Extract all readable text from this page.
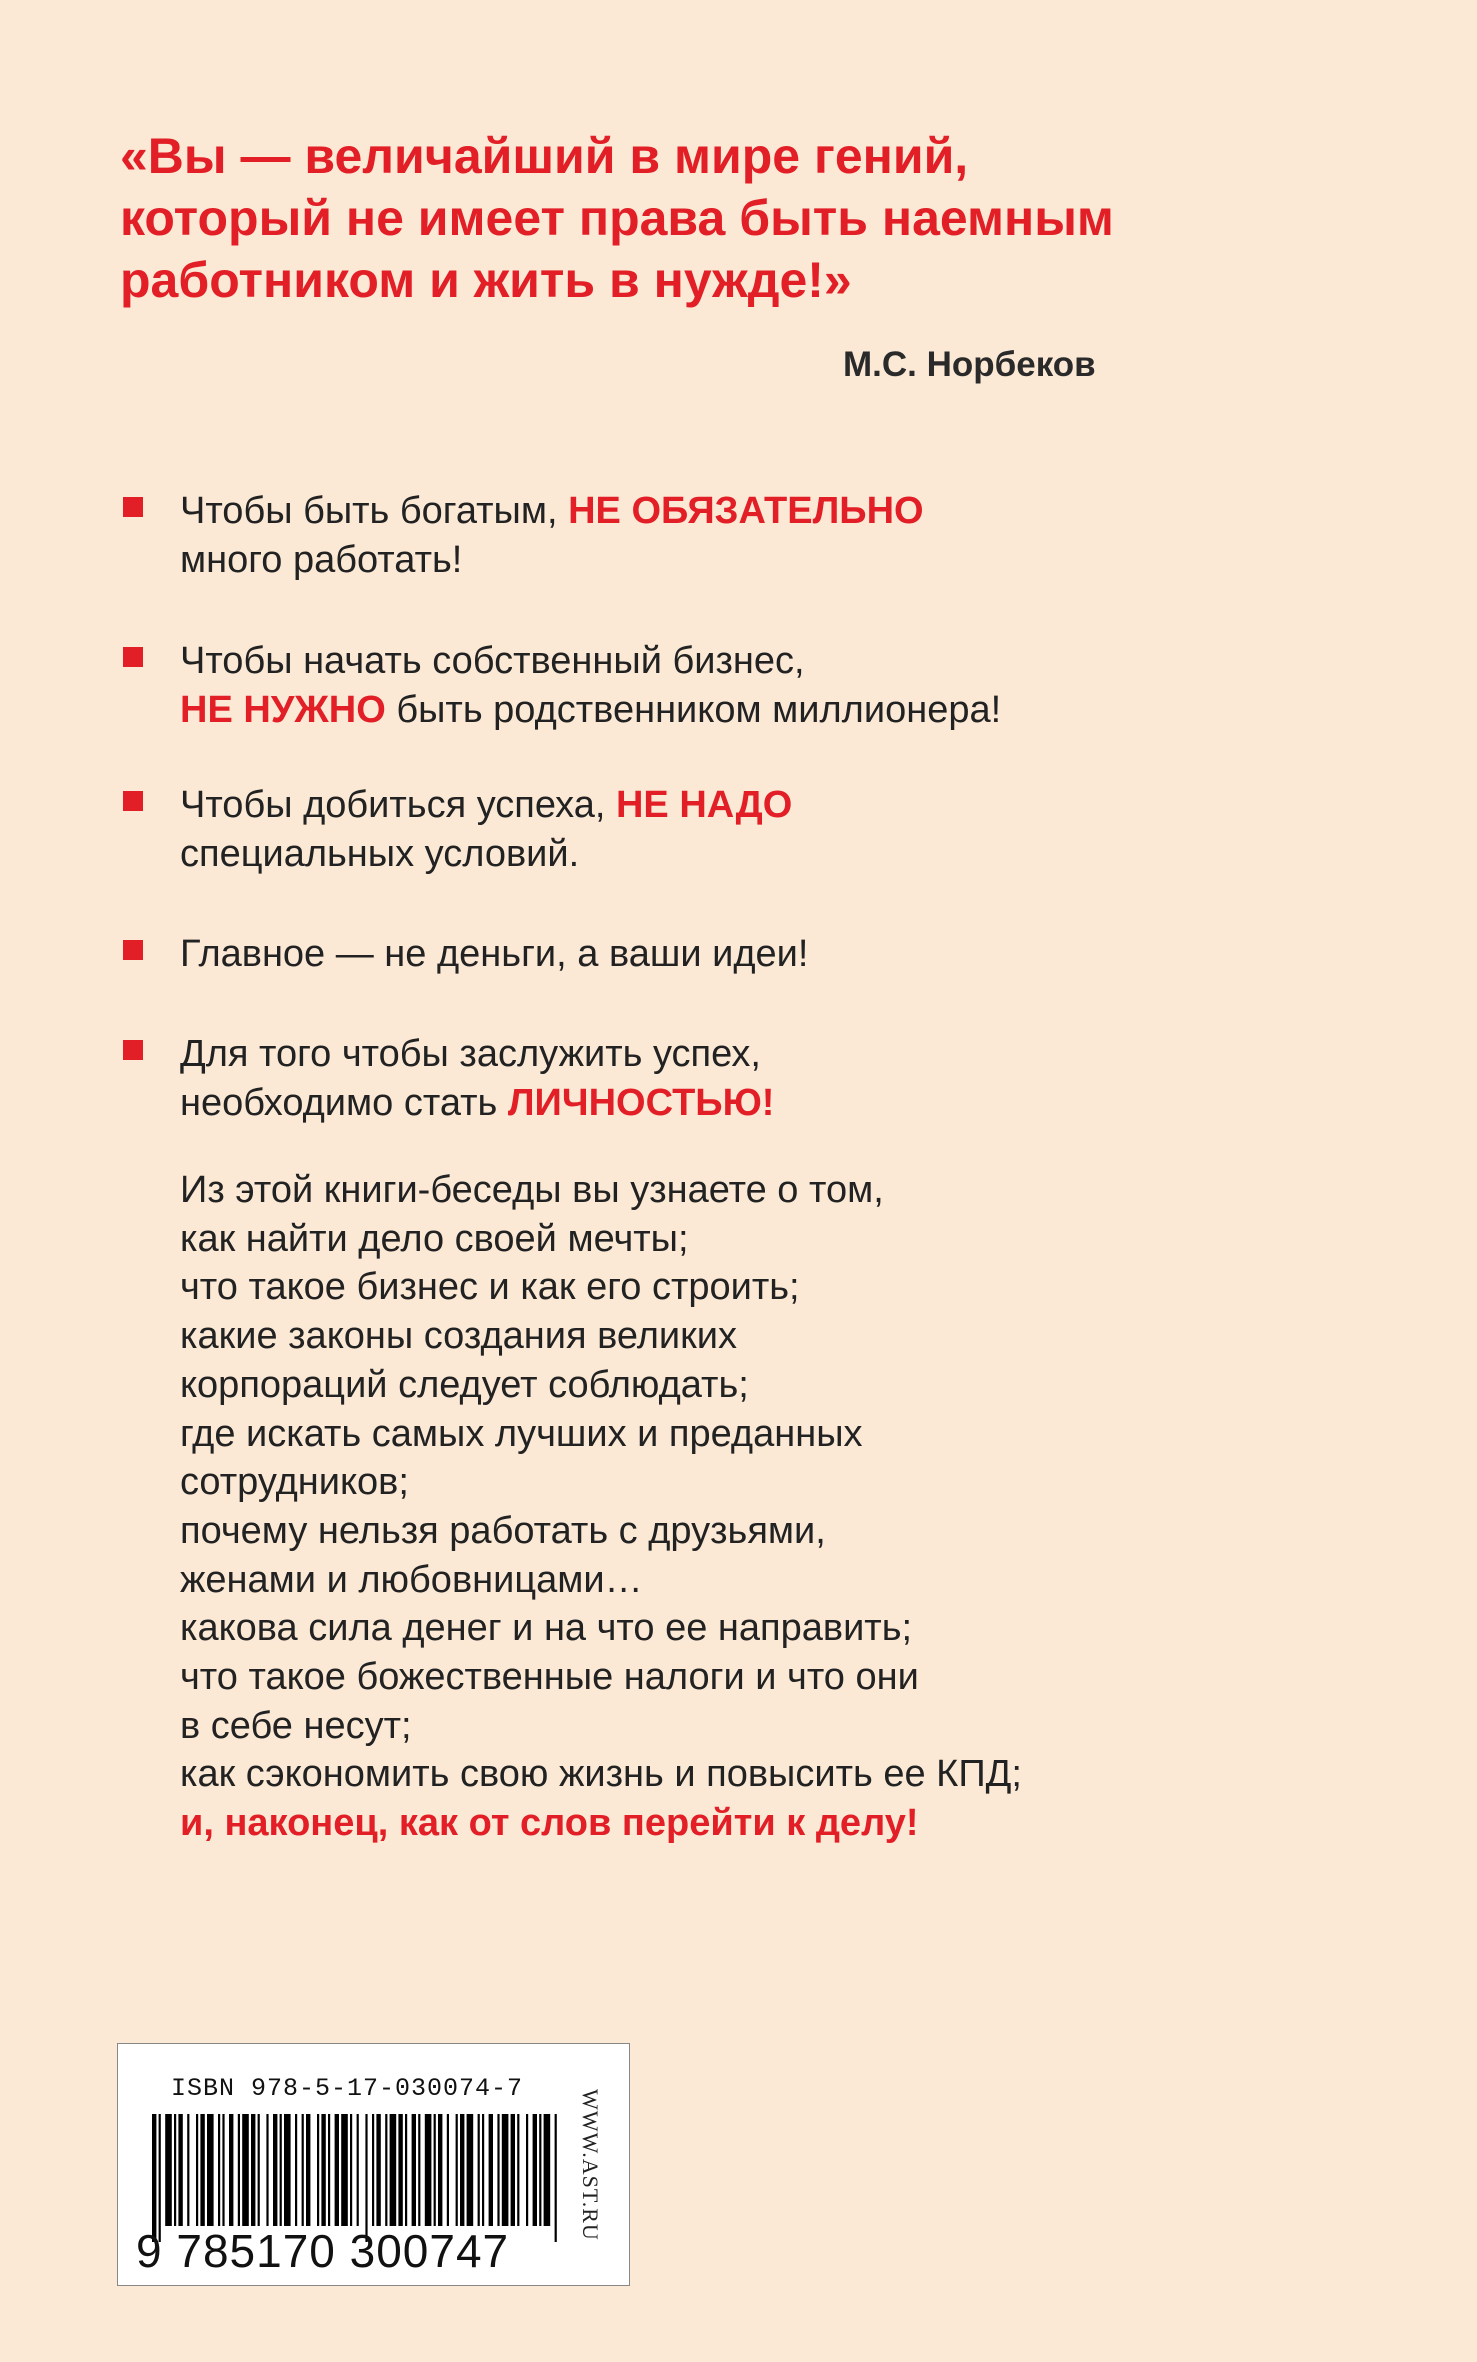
«Вы — величайший в мире гений,
который не имеет права быть наемным
работником и жить в нужде!»
М.С. Норбеков
Чтобы быть богатым, НЕ ОБЯЗАТЕЛЬНО
много работать!
Чтобы начать собственный бизнес,
НЕ НУЖНО быть родственником миллионера!
Чтобы добиться успеха, НЕ НАДО
специальных условий.
Главное — не деньги, а ваши идеи!
Для того чтобы заслужить успех,
необходимо стать ЛИЧНОСТЬЮ!
Из этой книги-беседы вы узнаете о том,
как найти дело своей мечты;
что такое бизнес и как его строить;
какие законы создания великих
корпораций следует соблюдать;
где искать самых лучших и преданных
сотрудников;
почему нельзя работать с друзьями,
женами и любовницами…
какова сила денег и на что ее направить;
что такое божественные налоги и что они
в себе несут;
как сэкономить свою жизнь и повысить ее КПД;
и, наконец, как от слов перейти к делу!
ISBN 978-5-17-030074-7
9 785170 300747
WWW.AST.RU
